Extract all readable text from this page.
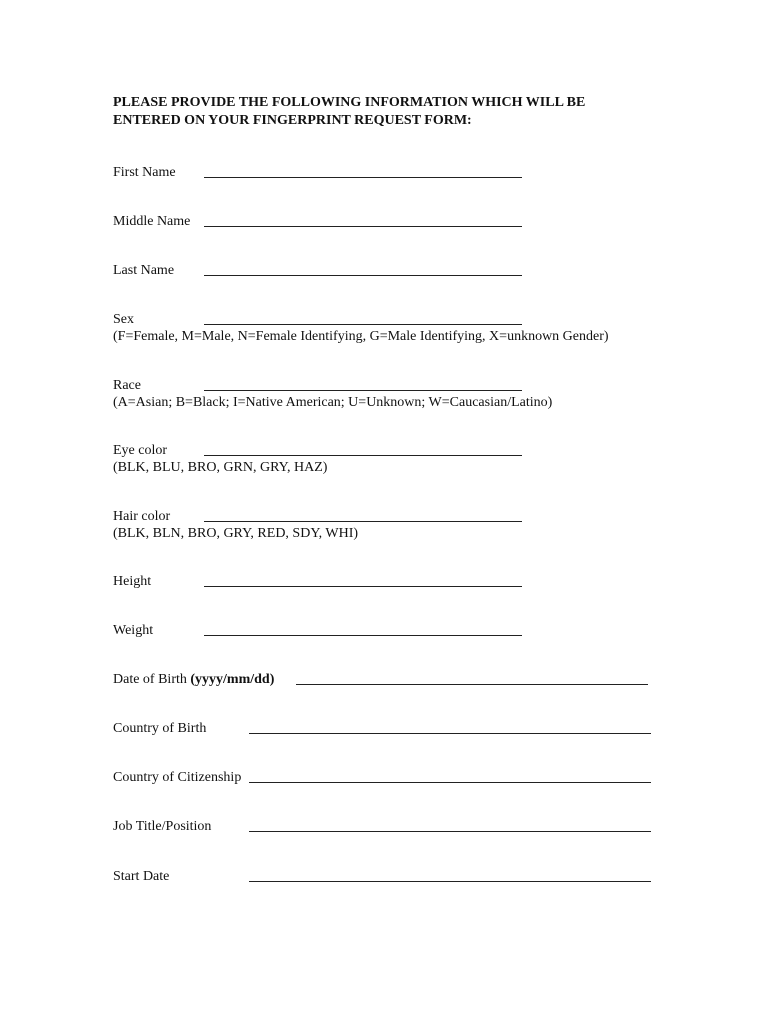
PLEASE PROVIDE THE FOLLOWING INFORMATION WHICH WILL BE
ENTERED ON YOUR FINGERPRINT REQUEST FORM:
First Name
Middle Name
Last Name
Sex
(F=Female, M=Male, N=Female Identifying, G=Male Identifying, X=unknown Gender)
Race
(A=Asian; B=Black; I=Native American; U=Unknown; W=Caucasian/Latino)
Eye color
(BLK, BLU, BRO, GRN, GRY, HAZ)
Hair color
(BLK, BLN, BRO, GRY, RED, SDY, WHI)
Height
Weight
Date of Birth (yyyy/mm/dd)
Country of Birth
Country of Citizenship
Job Title/Position
Start Date
